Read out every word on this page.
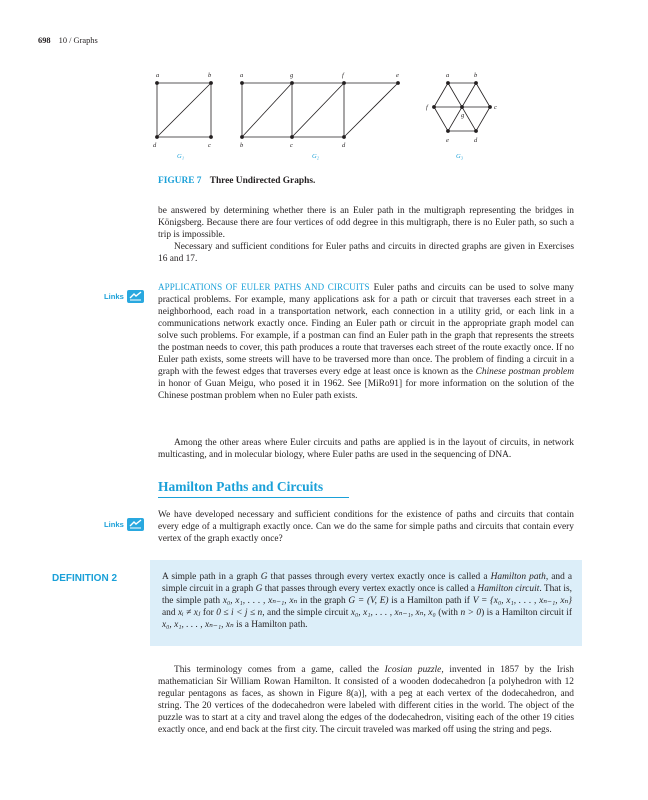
698 10 / Graphs
a	b
c
d
G₁
a	g	f	e
b	c	d
G₂
a	b
c
d
e
f
g
G₃
FIGURE 7 Three Undirected Graphs.

be answered by determining whether there is an Euler path in the multigraph representing the bridges in Königsberg. Because there are four vertices of odd degree in this multigraph, there is no Euler path, so such a trip is impossible.

Necessary and sufficient conditions for Euler paths and circuits in directed graphs are given in Exercises 16 and 17.

Links

APPLICATIONS OF EULER PATHS AND CIRCUITS Euler paths and circuits can be used to solve many practical problems. For example, many applications ask for a path or circuit that traverses each street in a neighborhood, each road in a transportation network, each connection in a utility grid, or each link in a communications network exactly once. Finding an Euler path or circuit in the appropriate graph model can solve such problems. For example, if a postman can find an Euler path in the graph that represents the streets the postman needs to cover, this path produces a route that traverses each street of the route exactly once. If no Euler path exists, some streets will have to be traversed more than once. The problem of finding a circuit in a graph with the fewest edges that traverses every edge at least once is known as the Chinese postman problem in honor of Guan Meigu, who posed it in 1962. See [MiRo91] for more information on the solution of the Chinese postman problem when no Euler path exists.

Among the other areas where Euler circuits and paths are applied is in the layout of circuits, in network multicasting, and in molecular biology, where Euler paths are used in the sequencing of DNA.

Hamilton Paths and Circuits
Links

We have developed necessary and sufficient conditions for the existence of paths and circuits that contain every edge of a multigraph exactly once. Can we do the same for simple paths and circuits that contain every vertex of the graph exactly once?

DEFINITION 2	A simple path in a graph G that passes through every vertex exactly once is called a Hamilton path, and a simple circuit in a graph G that passes through every vertex exactly once is called a Hamilton circuit. That is, the simple path x₀, x₁, . . . , xₙ₋₁, xₙ in the graph G = (V, E) is a Hamilton path if V = {x₀, x₁, . . . , xₙ₋₁, xₙ} and xᵢ ≠ xⱼ for 0 ≤ i < j ≤ n, and the simple circuit x₀, x₁, . . . , xₙ₋₁, xₙ, x₀ (with n > 0) is a Hamilton circuit if x₀, x₁, . . . , xₙ₋₁, xₙ is a Hamilton path.

This terminology comes from a game, called the Icosian puzzle, invented in 1857 by the Irish mathematician Sir William Rowan Hamilton. It consisted of a wooden dodecahedron [a polyhedron with 12 regular pentagons as faces, as shown in Figure 8(a)], with a peg at each vertex of the dodecahedron, and string. The 20 vertices of the dodecahedron were labeled with different cities in the world. The object of the puzzle was to start at a city and travel along the edges of the dodecahedron, visiting each of the other 19 cities exactly once, and end back at the first city. The circuit traveled was marked off using the string and pegs.
